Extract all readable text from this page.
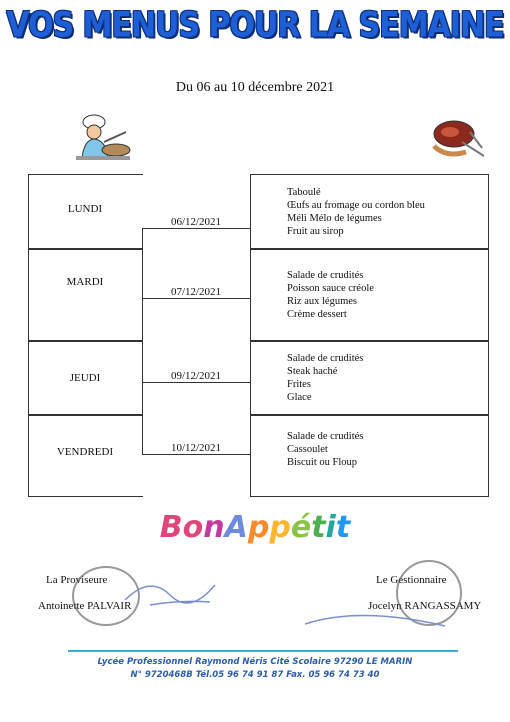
VOS MENUS POUR LA SEMAINE
Du 06 au 10 décembre 2021
LUNDI
06/12/2021
Taboulé
Œufs au fromage ou cordon bleu
Méli Mélo de légumes
Fruit au sirop
MARDI
07/12/2021
Salade de crudités
Poisson sauce créole
Riz aux légumes
Crème dessert
JEUDI	09/12/2021
Salade de crudités
Steak haché
Frites
Glace
VENDREDI	10/12/2021
Salade de crudités
Cassoulet
Biscuit ou Floup
BonAppétit
La Proviseure
Antoinette PALVAIR
Le Gestionnaire
Jocelyn RANGASSAMY
Lycée Professionnel Raymond Néris Cité Scolaire 97290 LE MARIN
N° 9720468B Tél.05 96 74 91 87 Fax. 05 96 74 73 40
